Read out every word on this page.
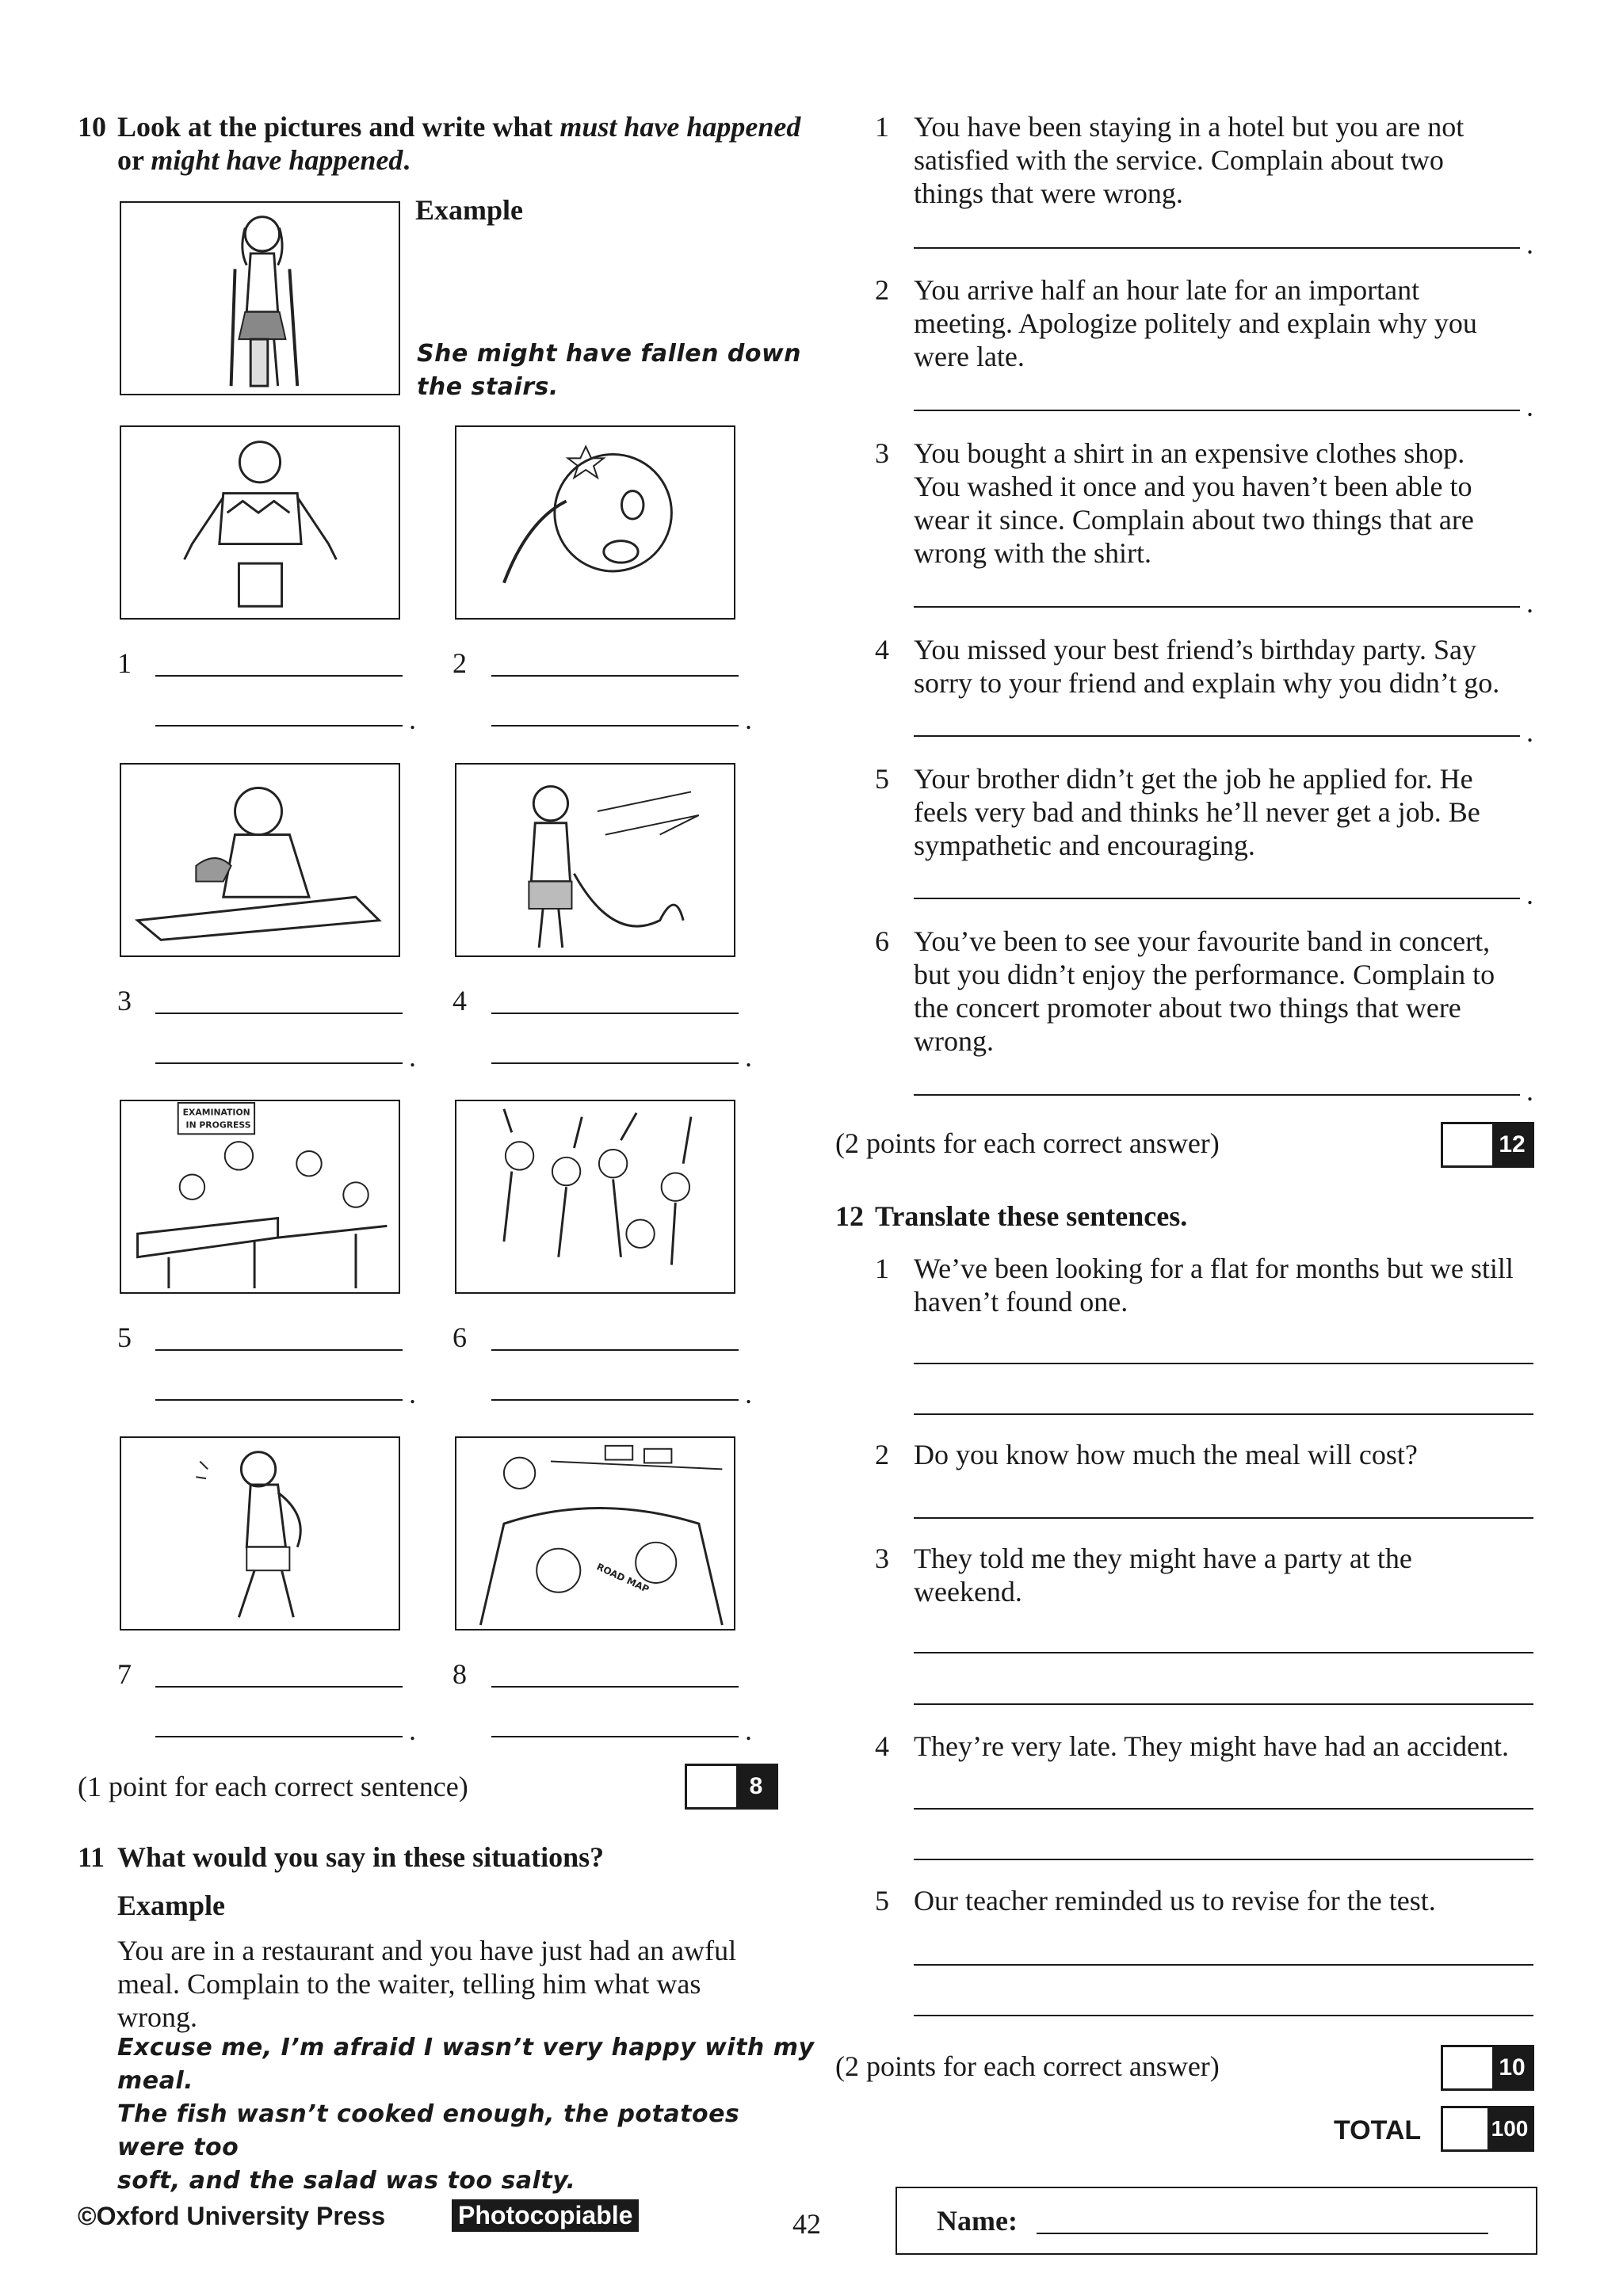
10 Look at the pictures and write what must have happened
or might have happened.
Example
She might have fallen down
the stairs.
1
.
2
.
3
.
4
.
EXAMINATION
IN PROGRESS
5
.
6
.
ROAD MAP
7
.
8
.
(1 point for each correct sentence)	8
11 What would you say in these situations?
Example
You are in a restaurant and you have just had an awful
meal. Complain to the waiter, telling him what was
wrong.
Excuse me, I’m afraid I wasn’t very happy with my meal.
The fish wasn’t cooked enough, the potatoes were too
soft, and the salad was too salty.
1 You have been staying in a hotel but you are not
satisfied with the service. Complain about two
things that were wrong.
.
2 You arrive half an hour late for an important
meeting. Apologize politely and explain why you
were late.
.
3 You bought a shirt in an expensive clothes shop.
You washed it once and you haven’t been able to
wear it since. Complain about two things that are
wrong with the shirt.
.
4 You missed your best friend’s birthday party. Say
sorry to your friend and explain why you didn’t go.
.
5 Your brother didn’t get the job he applied for. He
feels very bad and thinks he’ll never get a job. Be
sympathetic and encouraging.
.
6 You’ve been to see your favourite band in concert,
but you didn’t enjoy the performance. Complain to
the concert promoter about two things that were
wrong.
.
(2 points for each correct answer)	12
12 Translate these sentences.
1 We’ve been looking for a flat for months but we still
haven’t found one.
2 Do you know how much the meal will cost?
3 They told me they might have a party at the
weekend.
4 They’re very late. They might have had an accident.
5 Our teacher reminded us to revise for the test.
(2 points for each correct answer)	10
TOTAL	100
©Oxford University Press	Photocopiable	42	Name:
